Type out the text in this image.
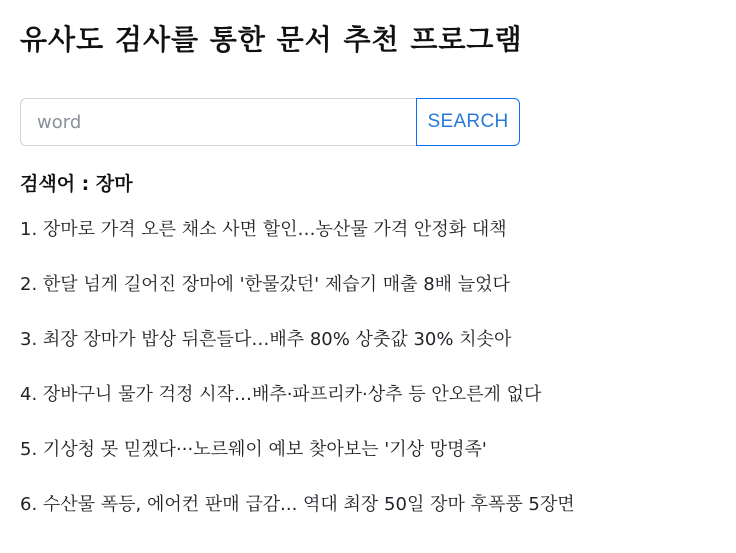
유사도 검사를 통한 문서 추천 프로그램
word
SEARCH

검색어 : 장마

1. 장마로 가격 오른 채소 사면 할인…농산물 가격 안정화 대책
2. 한달 넘게 길어진 장마에 '한물갔던' 제습기 매출 8배 늘었다
3. 최장 장마가 밥상 뒤흔들다…배추 80% 상춧값 30% 치솟아
4. 장바구니 물가 걱정 시작…배추·파프리카·상추 등 안오른게 없다
5. 기상청 못 믿겠다···노르웨이 예보 찾아보는 '기상 망명족'
6. 수산물 폭등, 에어컨 판매 급감... 역대 최장 50일 장마 후폭풍 5장면
